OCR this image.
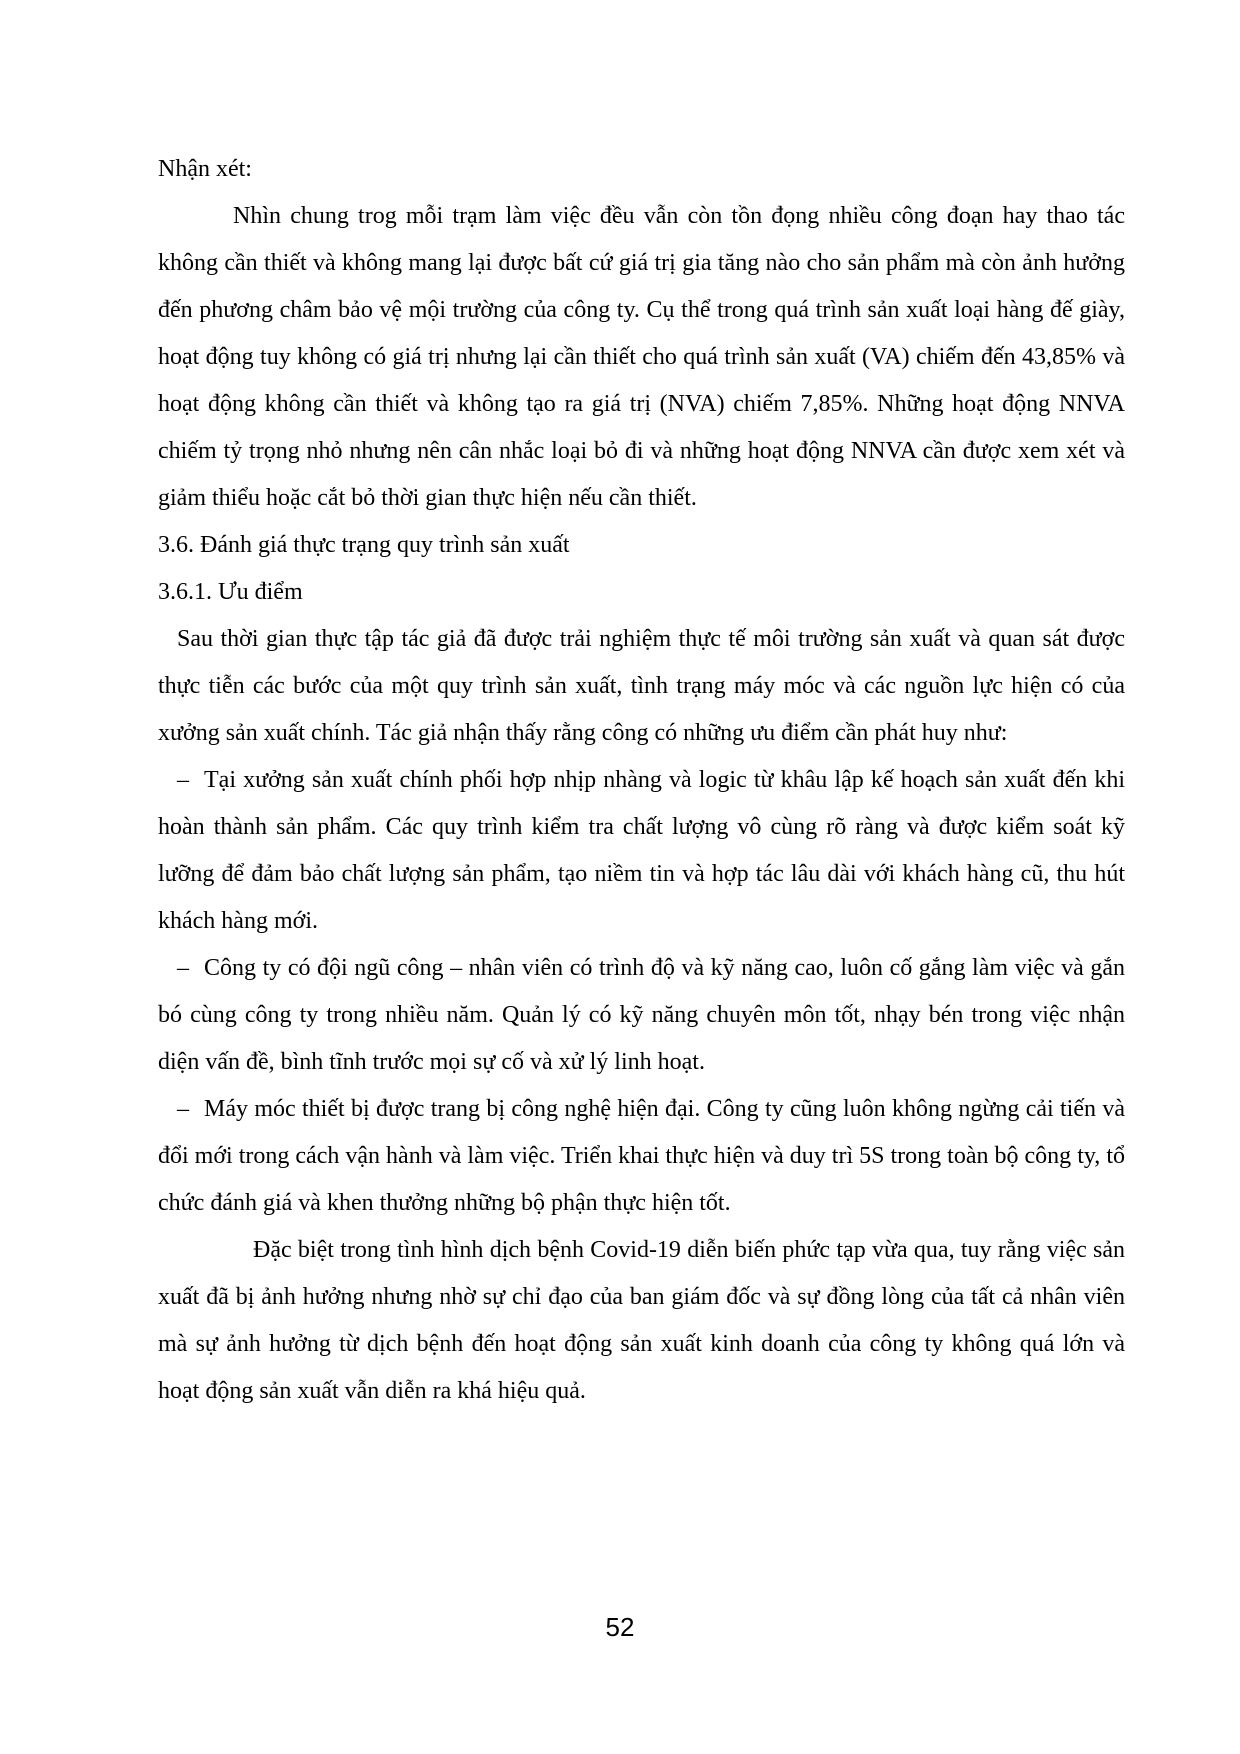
Nhận xét:

Nhìn chung trog mỗi trạm làm việc đều vẫn còn tồn đọng nhiều công đoạn hay thao tác không cần thiết và không mang lại được bất cứ giá trị gia tăng nào cho sản phẩm mà còn ảnh hưởng đến phương châm bảo vệ mội trường của công ty. Cụ thể trong quá trình sản xuất loại hàng đế giày, hoạt động tuy không có giá trị nhưng lại cần thiết cho quá trình sản xuất (VA) chiếm đến 43,85% và hoạt động không cần thiết và không tạo ra giá trị (NVA) chiếm 7,85%. Những hoạt động NNVA chiếm tỷ trọng nhỏ nhưng nên cân nhắc loại bỏ đi và những hoạt động NNVA cần được xem xét và giảm thiểu hoặc cắt bỏ thời gian thực hiện nếu cần thiết.

3.6. Đánh giá thực trạng quy trình sản xuất
3.6.1. Ưu điểm

Sau thời gian thực tập tác giả đã được trải nghiệm thực tế môi trường sản xuất và quan sát được thực tiễn các bước của một quy trình sản xuất, tình trạng máy móc và các nguồn lực hiện có của xưởng sản xuất chính. Tác giả nhận thấy rằng công có những ưu điểm cần phát huy như:

– Tại xưởng sản xuất chính phối hợp nhịp nhàng và logic từ khâu lập kế hoạch sản xuất đến khi hoàn thành sản phẩm. Các quy trình kiểm tra chất lượng vô cùng rõ ràng và được kiểm soát kỹ lưỡng để đảm bảo chất lượng sản phẩm, tạo niềm tin và hợp tác lâu dài với khách hàng cũ, thu hút khách hàng mới.

– Công ty có đội ngũ công – nhân viên có trình độ và kỹ năng cao, luôn cố gắng làm việc và gắn bó cùng công ty trong nhiều năm. Quản lý có kỹ năng chuyên môn tốt, nhạy bén trong việc nhận diện vấn đề, bình tĩnh trước mọi sự cố và xử lý linh hoạt.

– Máy móc thiết bị được trang bị công nghệ hiện đại. Công ty cũng luôn không ngừng cải tiến và đổi mới trong cách vận hành và làm việc. Triển khai thực hiện và duy trì 5S trong toàn bộ công ty, tổ chức đánh giá và khen thưởng những bộ phận thực hiện tốt.

Đặc biệt trong tình hình dịch bệnh Covid-19 diễn biến phức tạp vừa qua, tuy rằng việc sản xuất đã bị ảnh hưởng nhưng nhờ sự chỉ đạo của ban giám đốc và sự đồng lòng của tất cả nhân viên mà sự ảnh hưởng từ dịch bệnh đến hoạt động sản xuất kinh doanh của công ty không quá lớn và hoạt động sản xuất vẫn diễn ra khá hiệu quả.

52
